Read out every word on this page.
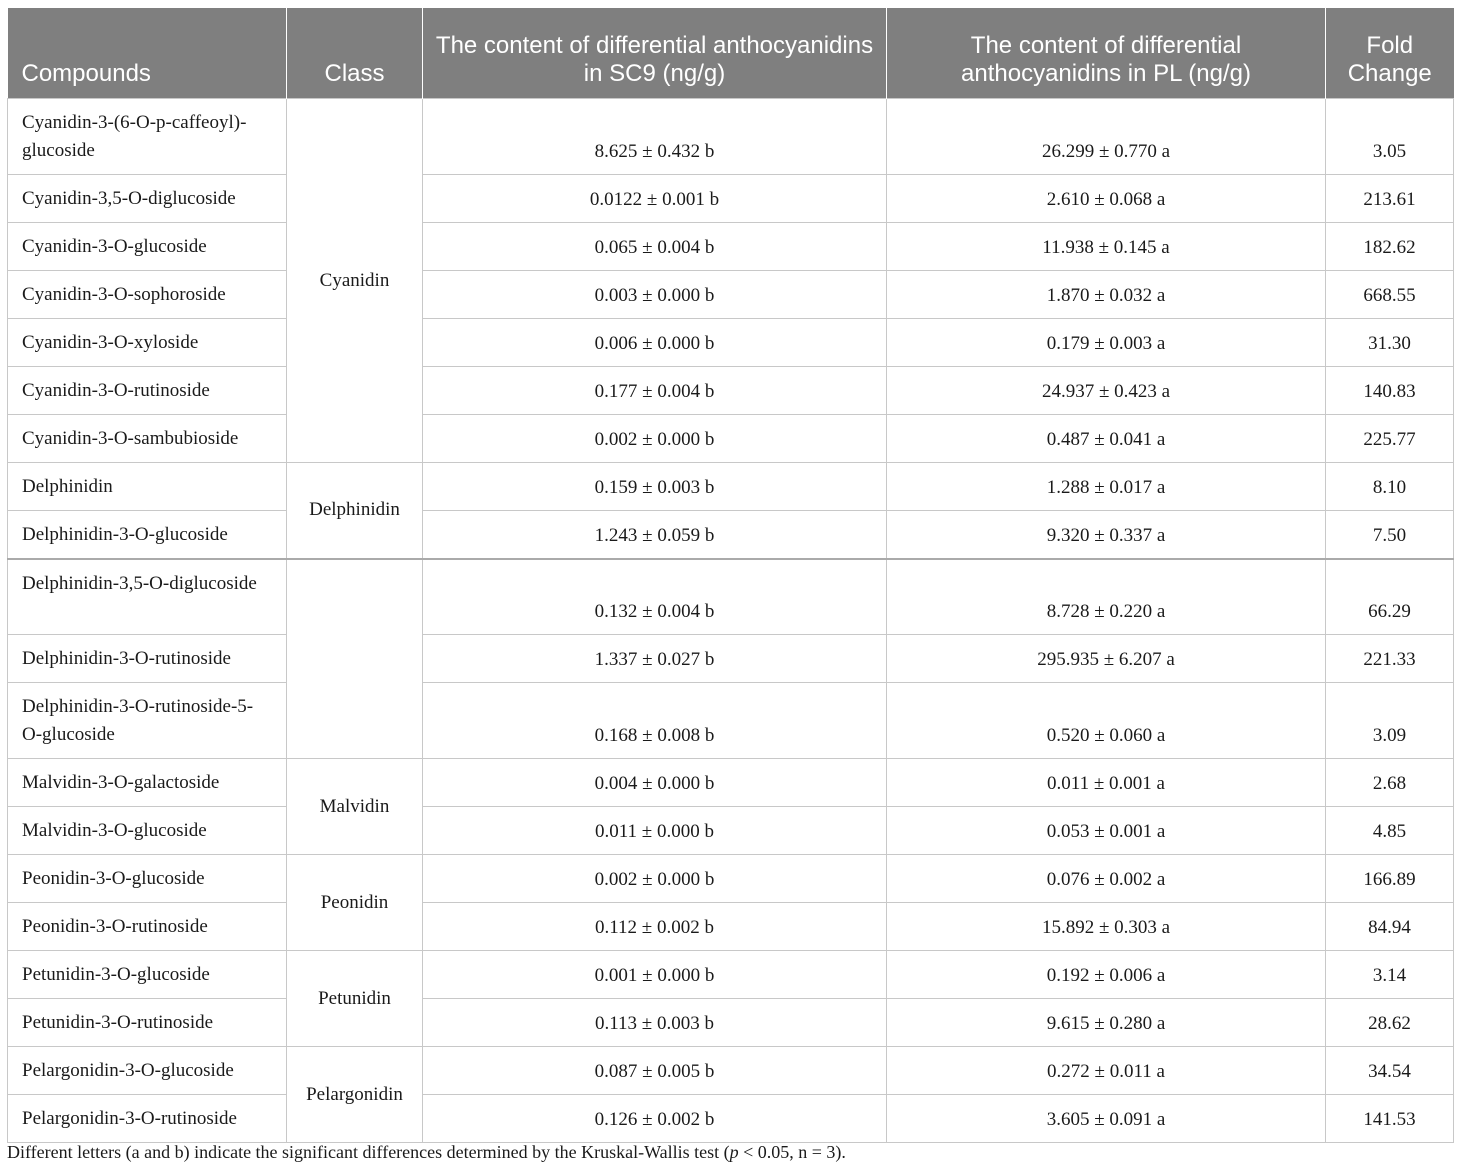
Compounds	Class	The content of differential anthocyanidins in SC9 (ng/g)	The content of differential anthocyanidins in PL (ng/g)	Fold Change
Cyanidin-3-(6-O-p-caffeoyl)-glucoside	Cyanidin	8.625 ± 0.432 b	26.299 ± 0.770 a	3.05
Cyanidin-3,5-O-diglucoside		0.0122 ± 0.001 b	2.610 ± 0.068 a	213.61
Cyanidin-3-O-glucoside		0.065 ± 0.004 b	11.938 ± 0.145 a	182.62
Cyanidin-3-O-sophoroside		0.003 ± 0.000 b	1.870 ± 0.032 a	668.55
Cyanidin-3-O-xyloside		0.006 ± 0.000 b	0.179 ± 0.003 a	31.30
Cyanidin-3-O-rutinoside		0.177 ± 0.004 b	24.937 ± 0.423 a	140.83
Cyanidin-3-O-sambubioside		0.002 ± 0.000 b	0.487 ± 0.041 a	225.77
Delphinidin	Delphinidin	0.159 ± 0.003 b	1.288 ± 0.017 a	8.10
Delphinidin-3-O-glucoside		1.243 ± 0.059 b	9.320 ± 0.337 a	7.50
Delphinidin-3,5-O-diglucoside		0.132 ± 0.004 b	8.728 ± 0.220 a	66.29
Delphinidin-3-O-rutinoside		1.337 ± 0.027 b	295.935 ± 6.207 a	221.33
Delphinidin-3-O-rutinoside-5-O-glucoside		0.168 ± 0.008 b	0.520 ± 0.060 a	3.09
Malvidin-3-O-galactoside	Malvidin	0.004 ± 0.000 b	0.011 ± 0.001 a	2.68
Malvidin-3-O-glucoside		0.011 ± 0.000 b	0.053 ± 0.001 a	4.85
Peonidin-3-O-glucoside	Peonidin	0.002 ± 0.000 b	0.076 ± 0.002 a	166.89
Peonidin-3-O-rutinoside		0.112 ± 0.002 b	15.892 ± 0.303 a	84.94
Petunidin-3-O-glucoside	Petunidin	0.001 ± 0.000 b	0.192 ± 0.006 a	3.14
Petunidin-3-O-rutinoside		0.113 ± 0.003 b	9.615 ± 0.280 a	28.62
Pelargonidin-3-O-glucoside	Pelargonidin	0.087 ± 0.005 b	0.272 ± 0.011 a	34.54
Pelargonidin-3-O-rutinoside		0.126 ± 0.002 b	3.605 ± 0.091 a	141.53
Different letters (a and b) indicate the significant differences determined by the Kruskal-Wallis test (p < 0.05, n = 3).
